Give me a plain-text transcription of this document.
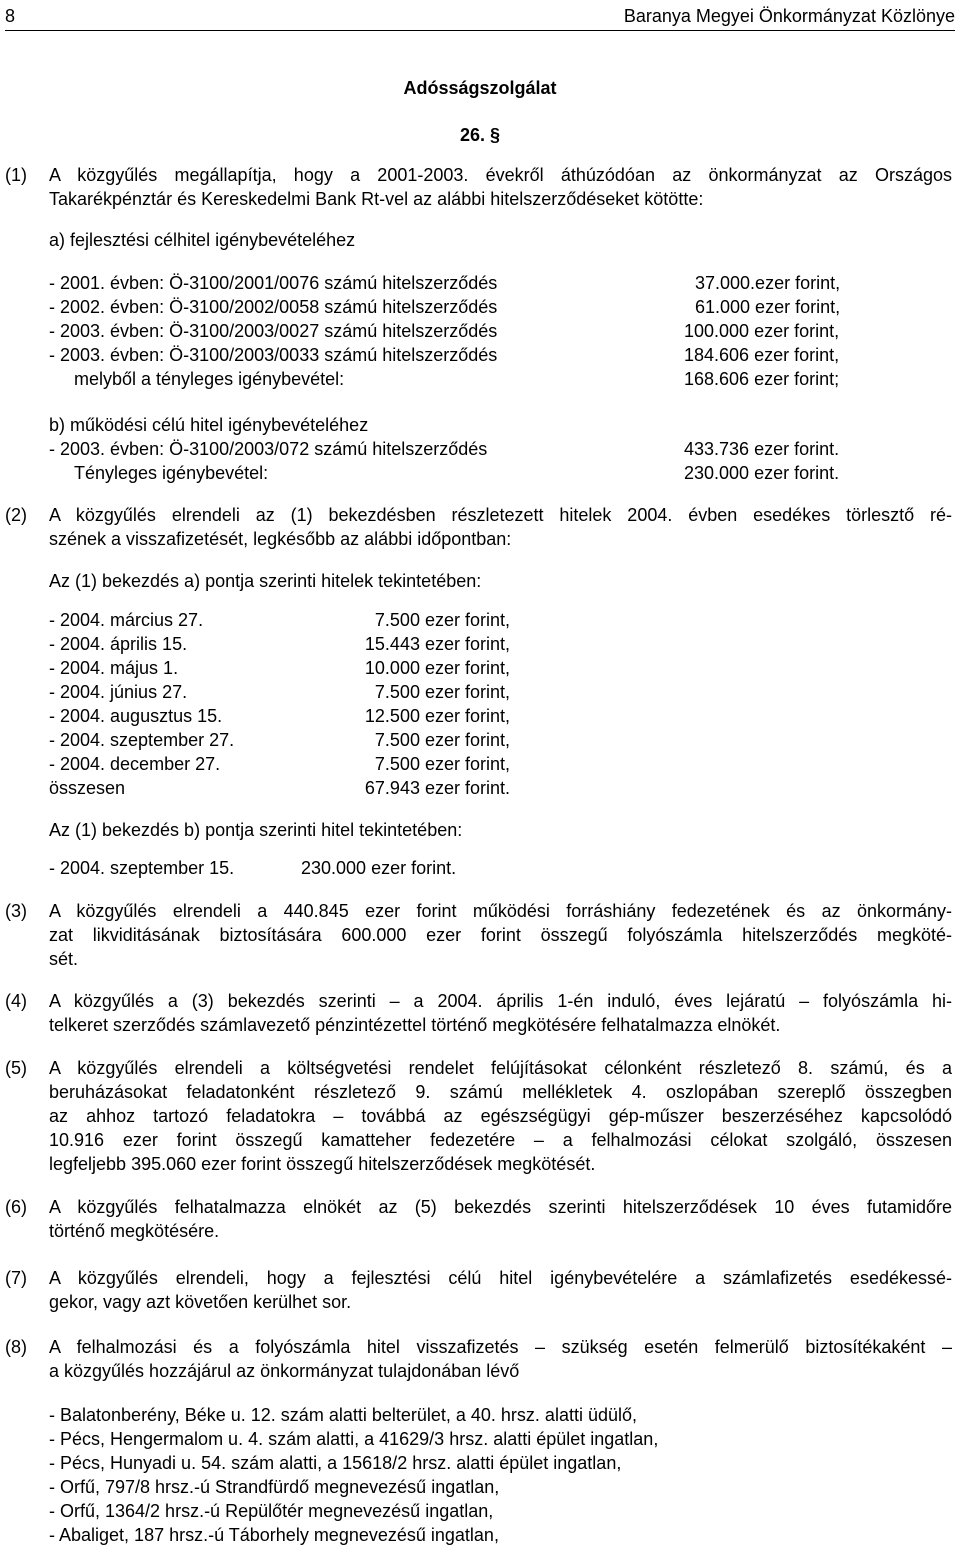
8	Baranya Megyei Önkormányzat Közlönye
Adósságszolgálat
26. §
(1) A közgyűlés megállapítja, hogy a 2001-2003. évekről áthúzódóan az önkormányzat az Országos
Takarékpénztár és Kereskedelmi Bank Rt-vel az alábbi hitelszerződéseket kötötte:
a) fejlesztési célhitel igénybevételéhez
- 2001. évben: Ö-3100/2001/0076 számú hitelszerződés	37.000.ezer forint,
- 2002. évben: Ö-3100/2002/0058 számú hitelszerződés	61.000 ezer forint,
- 2003. évben: Ö-3100/2003/0027 számú hitelszerződés	100.000 ezer forint,
- 2003. évben: Ö-3100/2003/0033 számú hitelszerződés	184.606 ezer forint,
melyből a tényleges igénybevétel:	168.606 ezer forint;
b) működési célú hitel igénybevételéhez
- 2003. évben: Ö-3100/2003/072 számú hitelszerződés	433.736 ezer forint.
Tényleges igénybevétel:	230.000 ezer forint.
(2) A közgyűlés elrendeli az (1) bekezdésben részletezett hitelek 2004. évben esedékes törlesztő ré-
szének a visszafizetését, legkésőbb az alábbi időpontban:
Az (1) bekezdés a) pontja szerinti hitelek tekintetében:
- 2004. március 27.	7.500 ezer forint,
- 2004. április 15.	15.443 ezer forint,
- 2004. május 1.	10.000 ezer forint,
- 2004. június 27.	7.500 ezer forint,
- 2004. augusztus 15.	12.500 ezer forint,
- 2004. szeptember 27.	7.500 ezer forint,
- 2004. december 27.	7.500 ezer forint,
összesen	67.943 ezer forint.
Az (1) bekezdés b) pontja szerinti hitel tekintetében:
- 2004. szeptember 15.	230.000 ezer forint.
(3) A közgyűlés elrendeli a 440.845 ezer forint működési forráshiány fedezetének és az önkormány-
zat likviditásának biztosítására 600.000 ezer forint összegű folyószámla hitelszerződés megköté-
sét.
(4) A közgyűlés a (3) bekezdés szerinti – a 2004. április 1-én induló, éves lejáratú – folyószámla hi-
telkeret szerződés számlavezető pénzintézettel történő megkötésére felhatalmazza elnökét.
(5) A közgyűlés elrendeli a költségvetési rendelet felújításokat célonként részletező 8. számú, és a
beruházásokat feladatonként részletező 9. számú mellékletek 4. oszlopában szereplő összegben
az ahhoz tartozó feladatokra – továbbá az egészségügyi gép-műszer beszerzéséhez kapcsolódó
10.916 ezer forint összegű kamatteher fedezetére – a felhalmozási célokat szolgáló, összesen
legfeljebb 395.060 ezer forint összegű hitelszerződések megkötését.
(6) A közgyűlés felhatalmazza elnökét az (5) bekezdés szerinti hitelszerződések 10 éves futamidőre
történő megkötésére.
(7) A közgyűlés elrendeli, hogy a fejlesztési célú hitel igénybevételére a számlafizetés esedékessé-
gekor, vagy azt követően kerülhet sor.
(8) A felhalmozási és a folyószámla hitel visszafizetés – szükség esetén felmerülő biztosítékaként –
a közgyűlés hozzájárul az önkormányzat tulajdonában lévő
- Balatonberény, Béke u. 12. szám alatti belterület, a 40. hrsz. alatti üdülő,
- Pécs, Hengermalom u. 4. szám alatti, a 41629/3 hrsz. alatti épület ingatlan,
- Pécs, Hunyadi u. 54. szám alatti, a 15618/2 hrsz. alatti épület ingatlan,
- Orfű, 797/8 hrsz.-ú Strandfürdő megnevezésű ingatlan,
- Orfű, 1364/2 hrsz.-ú Repülőtér megnevezésű ingatlan,
- Abaliget, 187 hrsz.-ú Táborhely megnevezésű ingatlan,
